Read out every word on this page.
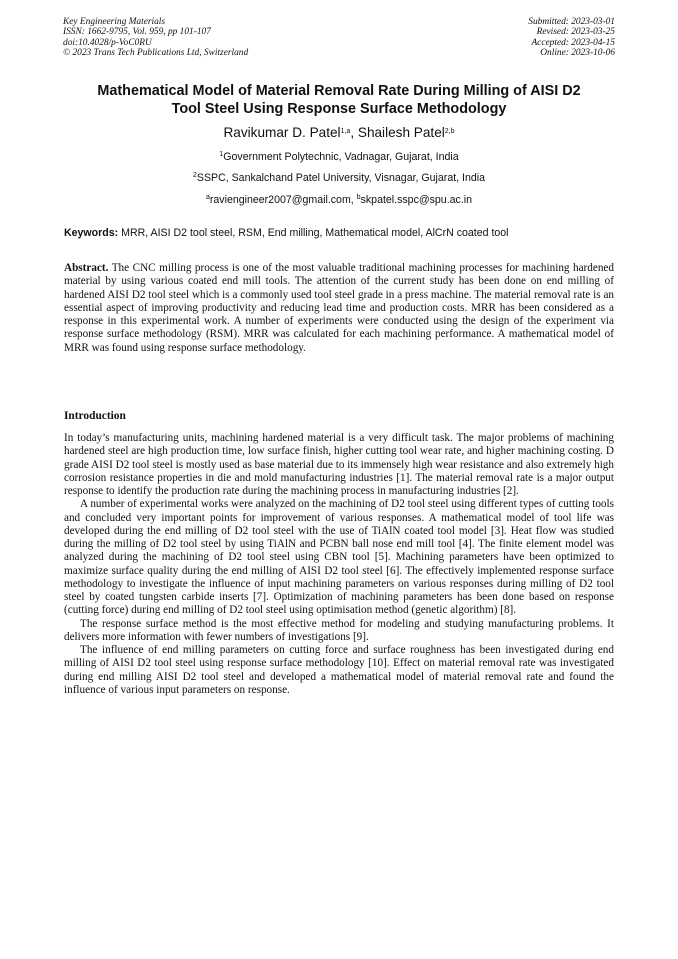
Key Engineering Materials
ISSN: 1662-9795, Vol. 959, pp 101-107
doi:10.4028/p-VoC0RU
© 2023 Trans Tech Publications Ltd, Switzerland
Submitted: 2023-03-01
Revised: 2023-03-25
Accepted: 2023-04-15
Online: 2023-10-06
Mathematical Model of Material Removal Rate During Milling of AISI D2
Tool Steel Using Response Surface Methodology
Ravikumar D. Patel$^{1,a}$, Shailesh Patel$^{2,b}$
$^1$Government Polytechnic, Vadnagar, Gujarat, India
$^2$SSPC, Sankalchand Patel University, Visnagar, Gujarat, India
$^a$raviengineer2007@gmail.com, $^b$skpatel.sspc@spu.ac.in
Keywords: MRR, AISI D2 tool steel, RSM, End milling, Mathematical model, AlCrN coated tool

Abstract. The CNC milling process is one of the most valuable traditional machining processes for machining hardened material by using various coated end mill tools. The attention of the current study has been done on end milling of hardened AISI D2 tool steel which is a commonly used tool steel grade in a press machine. The material removal rate is an essential aspect of improving productivity and reducing lead time and production costs. MRR has been considered as a response in this experimental work. A number of experiments were conducted using the design of the experiment via response surface methodology (RSM). MRR was calculated for each machining performance. A mathematical model of MRR was found using response surface methodology.

Introduction

In today’s manufacturing units, machining hardened material is a very difficult task. The major problems of machining hardened steel are high production time, low surface finish, higher cutting tool wear rate, and higher machining costing. D grade AISI D2 tool steel is mostly used as base material due to its immensely high wear resistance and also extremely high corrosion resistance properties in die and mold manufacturing industries [1]. The material removal rate is a major output response to identify the production rate during the machining process in manufacturing industries [2].

A number of experimental works were analyzed on the machining of D2 tool steel using different types of cutting tools and concluded very important points for improvement of various responses. A mathematical model of tool life was developed during the end milling of D2 tool steel with the use of TiAlN coated tool model [3]. Heat flow was studied during the milling of D2 tool steel by using TiAlN and PCBN ball nose end mill tool [4]. The finite element model was analyzed during the machining of D2 tool steel using CBN tool [5]. Machining parameters have been optimized to maximize surface quality during the end milling of AISI D2 tool steel [6]. The effectively implemented response surface methodology to investigate the influence of input machining parameters on various responses during milling of D2 tool steel by coated tungsten carbide inserts [7]. Optimization of machining parameters has been done based on response (cutting force) during end milling of D2 tool steel using optimisation method (genetic algorithm) [8].

The response surface method is the most effective method for modeling and studying manufacturing problems. It delivers more information with fewer numbers of investigations [9].

The influence of end milling parameters on cutting force and surface roughness has been investigated during end milling of AISI D2 tool steel using response surface methodology [10]. Effect on material removal rate was investigated during end milling AISI D2 tool steel and developed a mathematical model of material removal rate and found the influence of various input parameters on response.
